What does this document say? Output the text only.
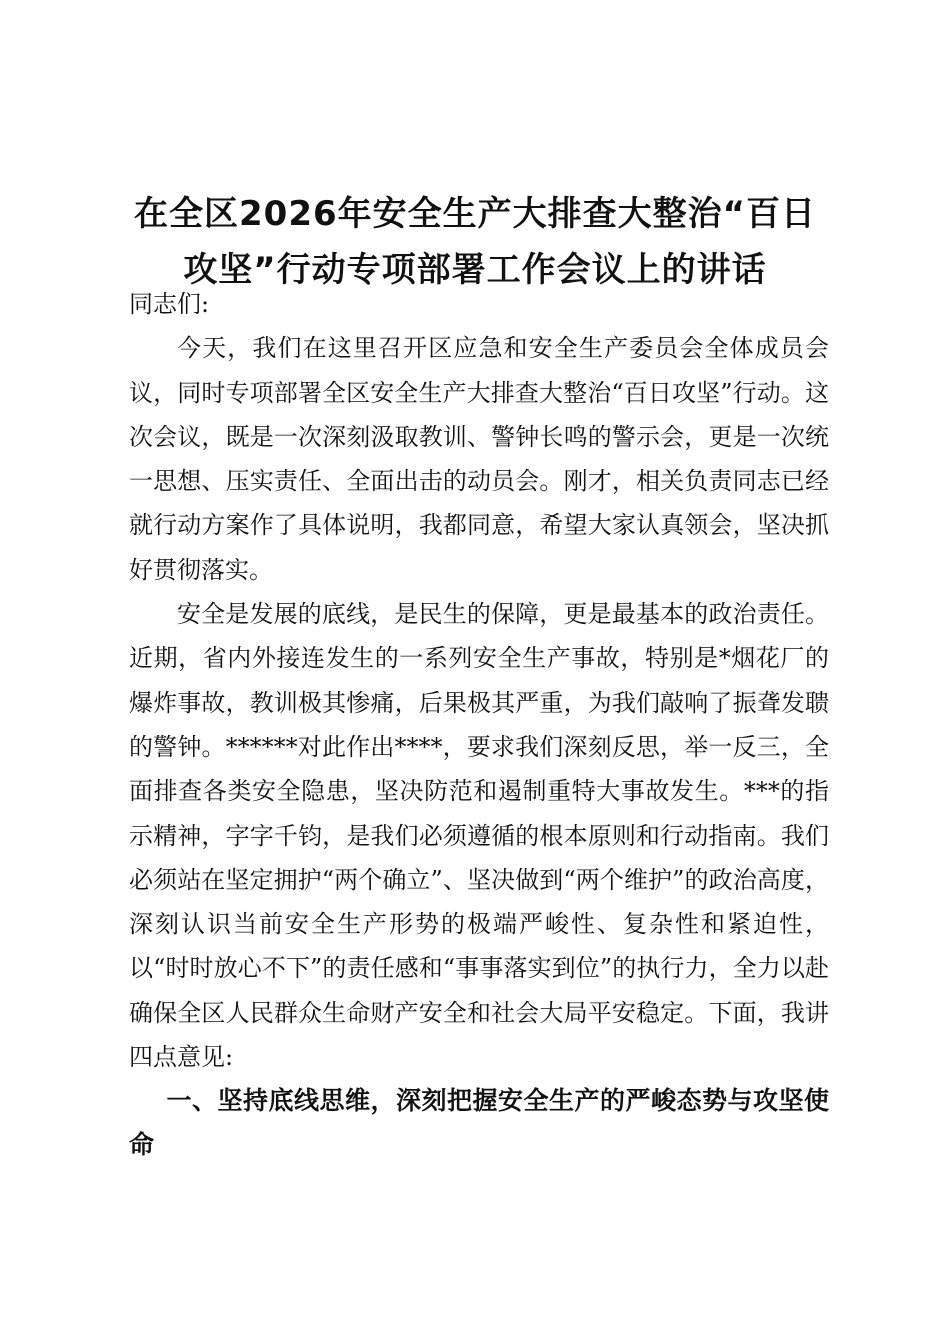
在全区2026年安全生产大排查大整治“百日攻坚”行动专项部署工作会议上的讲话

同志们:

今天，我们在这里召开区应急和安全生产委员会全体成员会议，同时专项部署全区安全生产大排查大整治“百日攻坚”行动。这次会议，既是一次深刻汲取教训、警钟长鸣的警示会，更是一次统一思想、压实责任、全面出击的动员会。刚才，相关负责同志已经就行动方案作了具体说明，我都同意，希望大家认真领会，坚决抓好贯彻落实。

安全是发展的底线，是民生的保障，更是最基本的政治责任。近期，省内外接连发生的一系列安全生产事故，特别是*烟花厂的爆炸事故，教训极其惨痛，后果极其严重，为我们敲响了振聋发聩的警钟。******对此作出****，要求我们深刻反思，举一反三，全面排查各类安全隐患，坚决防范和遏制重特大事故发生。***的指示精神，字字千钧，是我们必须遵循的根本原则和行动指南。我们必须站在坚定拥护“两个确立”、坚决做到“两个维护”的政治高度，深刻认识当前安全生产形势的极端严峻性、复杂性和紧迫性，以“时时放心不下”的责任感和“事事落实到位”的执行力，全力以赴确保全区人民群众生命财产安全和社会大局平安稳定。下面，我讲四点意见:

一、坚持底线思维，深刻把握安全生产的严峻态势与攻坚使命
